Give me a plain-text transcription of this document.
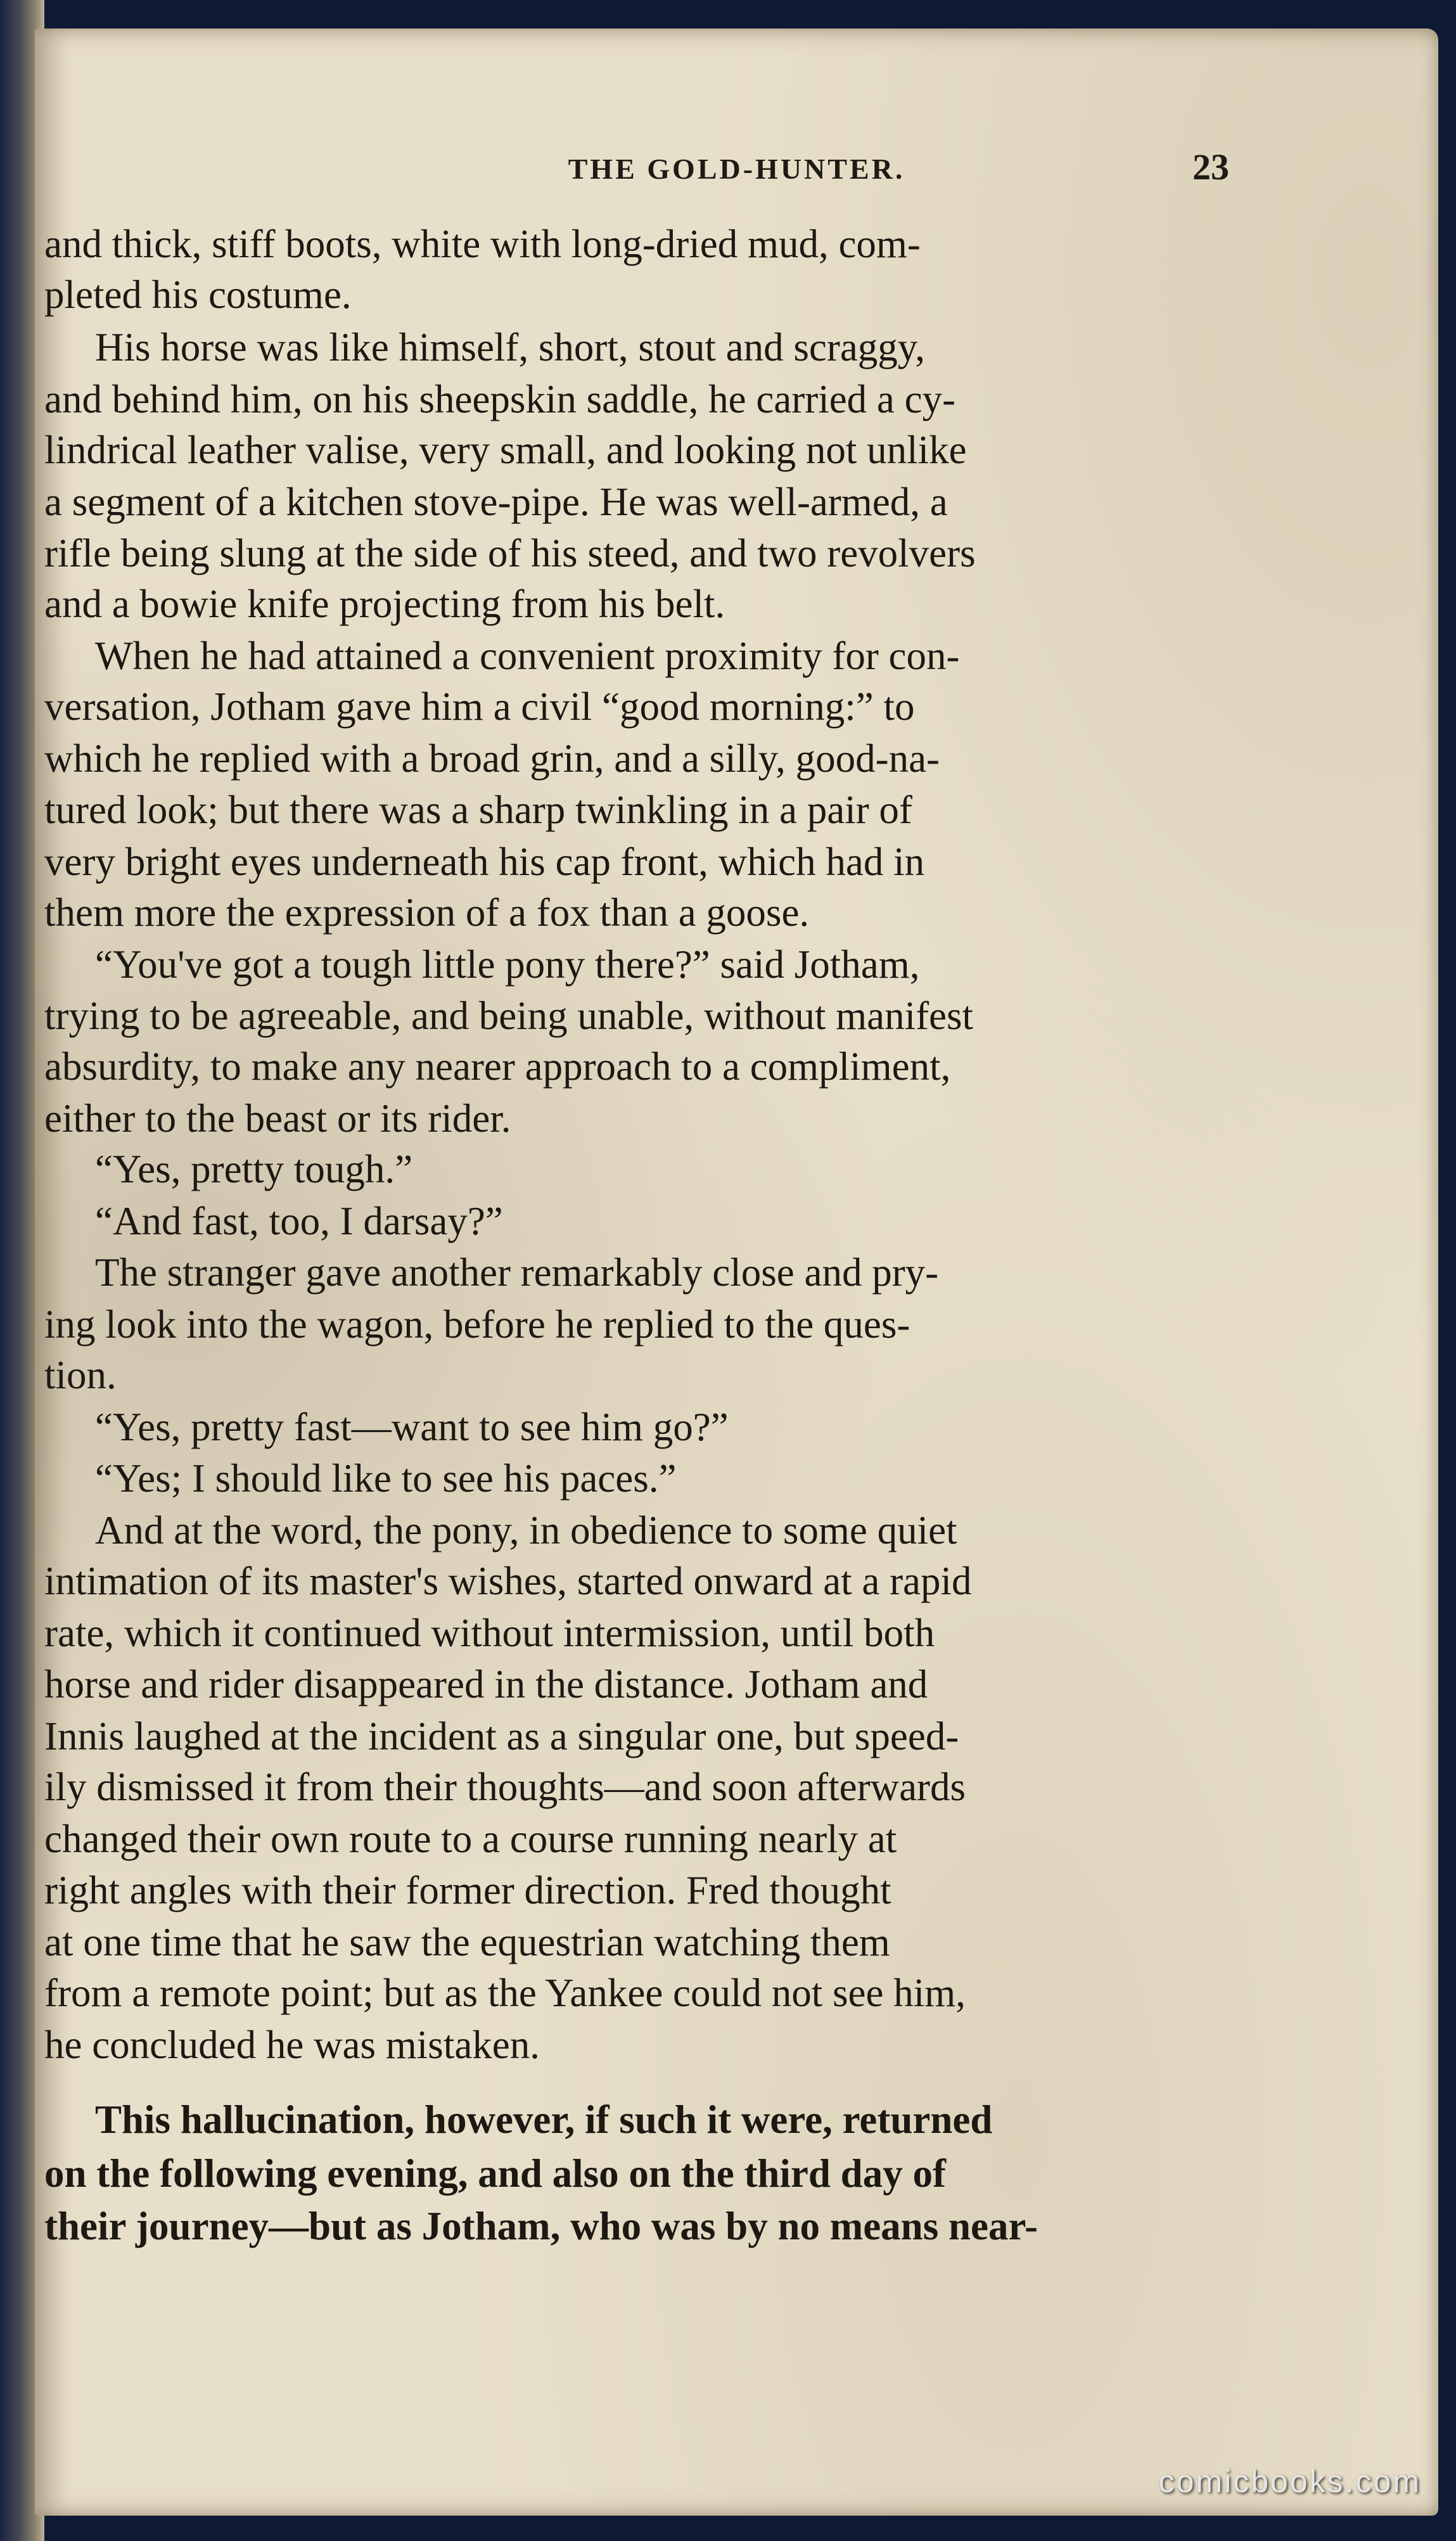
THE GOLD-HUNTER.	23
and thick, stiff boots, white with long-dried mud, com-
pleted his costume.
His horse was like himself, short, stout and scraggy,
and behind him, on his sheepskin saddle, he carried a cy-
lindrical leather valise, very small, and looking not unlike
a segment of a kitchen stove-pipe. He was well-armed, a
rifle being slung at the side of his steed, and two revolvers
and a bowie knife projecting from his belt.
When he had attained a convenient proximity for con-
versation, Jotham gave him a civil “good morning:” to
which he replied with a broad grin, and a silly, good-na-
tured look; but there was a sharp twinkling in a pair of
very bright eyes underneath his cap front, which had in
them more the expression of a fox than a goose.
“You've got a tough little pony there?” said Jotham,
trying to be agreeable, and being unable, without manifest
absurdity, to make any nearer approach to a compliment,
either to the beast or its rider.
“Yes, pretty tough.”
“And fast, too, I darsay?”
The stranger gave another remarkably close and pry-
ing look into the wagon, before he replied to the ques-
tion.
“Yes, pretty fast—want to see him go?”
“Yes; I should like to see his paces.”
And at the word, the pony, in obedience to some quiet
intimation of its master's wishes, started onward at a rapid
rate, which it continued without intermission, until both
horse and rider disappeared in the distance. Jotham and
Innis laughed at the incident as a singular one, but speed-
ily dismissed it from their thoughts—and soon afterwards
changed their own route to a course running nearly at
right angles with their former direction. Fred thought
at one time that he saw the equestrian watching them
from a remote point; but as the Yankee could not see him,
he concluded he was mistaken.
This hallucination, however, if such it were, returned
on the following evening, and also on the third day of
their journey—but as Jotham, who was by no means near-
comicbooks.com
